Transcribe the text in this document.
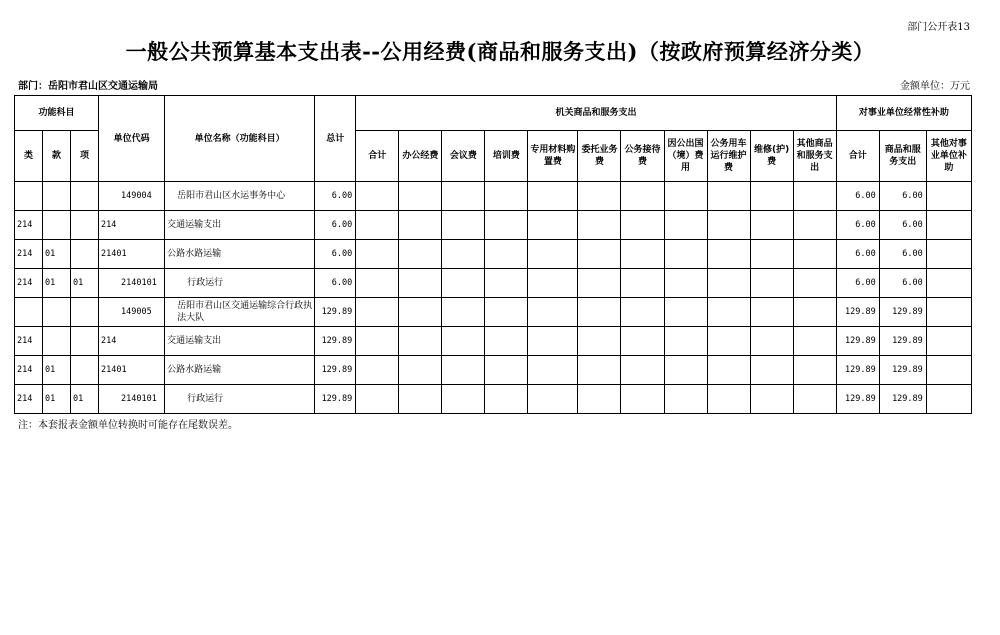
部门公开表13
一般公共预算基本支出表--公用经费(商品和服务支出)（按政府预算经济分类）
部门：岳阳市君山区交通运输局	金额单位：万元
功能科目			单位代码	单位名称（功能科目）	总计	机关商品和服务支出											对事业单位经常性补助		
类	款	项				合计	办公经费	会议费	培训费	专用材料购置费	委托业务费	公务接待费	因公出国（境）费用	公务用车运行维护费	维修(护)费	其他商品和服务支出	合计	商品和服务支出	其他对事业单位补助
			149004	岳阳市君山区水运事务中心	6.00												6.00	6.00	
214			214	交通运输支出	6.00												6.00	6.00	
214	01		21401	公路水路运输	6.00												6.00	6.00	
214	01	01	2140101	行政运行	6.00												6.00	6.00	
			149005	岳阳市君山区交通运输综合行政执法大队	129.89												129.89	129.89	
214			214	交通运输支出	129.89												129.89	129.89	
214	01		21401	公路水路运输	129.89												129.89	129.89	
214	01	01	2140101	行政运行	129.89												129.89	129.89	
注：本套报表金额单位转换时可能存在尾数误差。
